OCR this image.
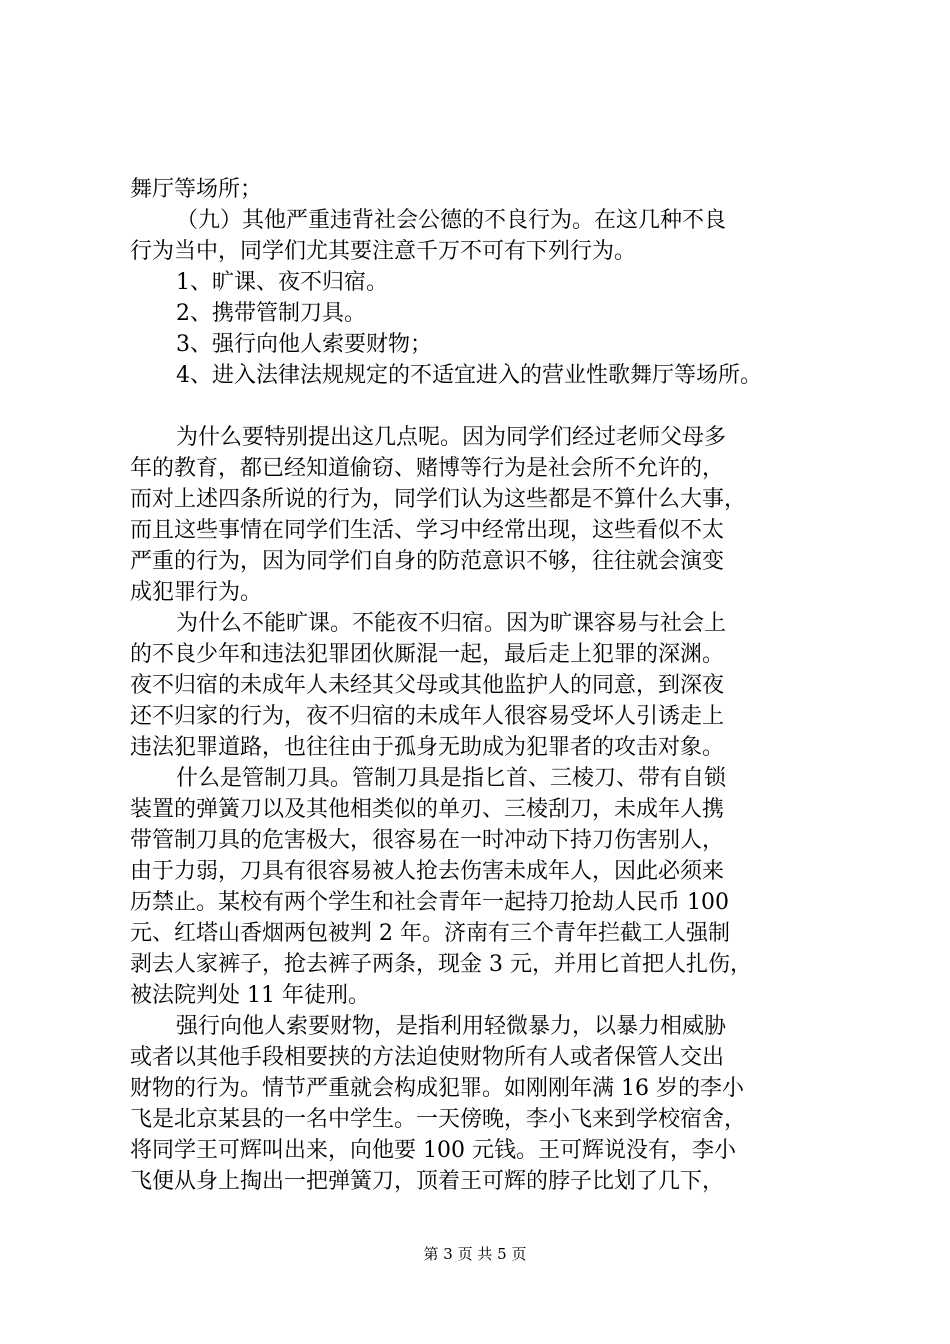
舞厅等场所；
（九）其他严重违背社会公德的不良行为。在这几种不良
行为当中，同学们尤其要注意千万不可有下列行为。
1、旷课、夜不归宿。
2、携带管制刀具。
3、强行向他人索要财物；
4、进入法律法规规定的不适宜进入的营业性歌舞厅等场所。
为什么要特别提出这几点呢。因为同学们经过老师父母多
年的教育，都已经知道偷窃、赌博等行为是社会所不允许的，
而对上述四条所说的行为，同学们认为这些都是不算什么大事，
而且这些事情在同学们生活、学习中经常出现，这些看似不太
严重的行为，因为同学们自身的防范意识不够，往往就会演变
成犯罪行为。
为什么不能旷课。不能夜不归宿。因为旷课容易与社会上
的不良少年和违法犯罪团伙厮混一起，最后走上犯罪的深渊。
夜不归宿的未成年人未经其父母或其他监护人的同意，到深夜
还不归家的行为，夜不归宿的未成年人很容易受坏人引诱走上
违法犯罪道路，也往往由于孤身无助成为犯罪者的攻击对象。
什么是管制刀具。管制刀具是指匕首、三棱刀、带有自锁
装置的弹簧刀以及其他相类似的单刃、三棱刮刀，未成年人携
带管制刀具的危害极大，很容易在一时冲动下持刀伤害别人，
由于力弱，刀具有很容易被人抢去伤害未成年人，因此必须来
历禁止。某校有两个学生和社会青年一起持刀抢劫人民币 100
元、红塔山香烟两包被判 2 年。济南有三个青年拦截工人强制
剥去人家裤子，抢去裤子两条，现金 3 元，并用匕首把人扎伤，
被法院判处 11 年徒刑。
强行向他人索要财物，是指利用轻微暴力，以暴力相威胁
或者以其他手段相要挟的方法迫使财物所有人或者保管人交出
财物的行为。情节严重就会构成犯罪。如刚刚年满 16 岁的李小
飞是北京某县的一名中学生。一天傍晚，李小飞来到学校宿舍，
将同学王可辉叫出来，向他要 100 元钱。王可辉说没有，李小
飞便从身上掏出一把弹簧刀，顶着王可辉的脖子比划了几下，
第 3 页 共 5 页
